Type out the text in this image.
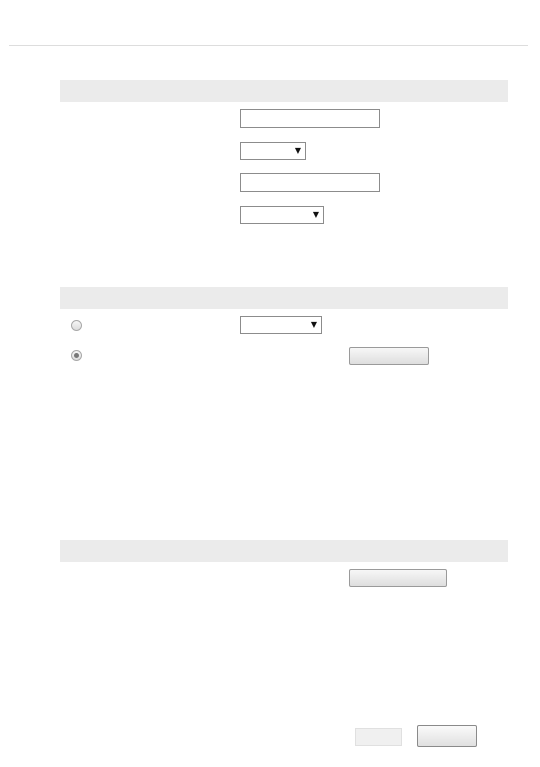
▼
▼
▼
